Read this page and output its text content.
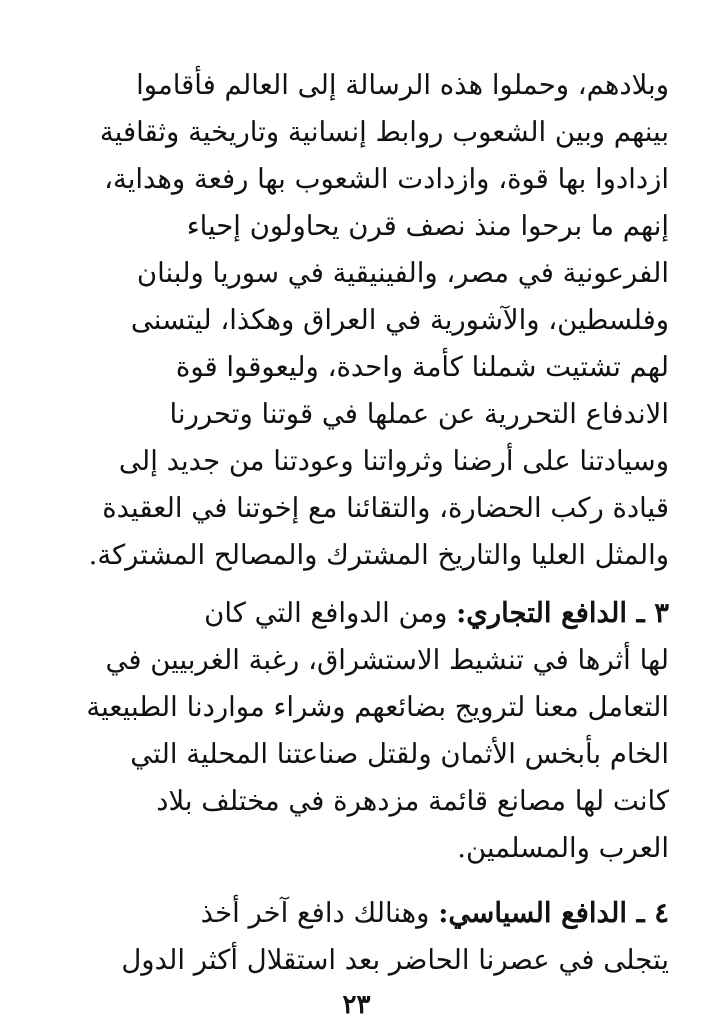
وبلادهم، وحملوا هذه الرسالة إلى العالم فأقاموا
بينهم وبين الشعوب روابط إنسانية وتاريخية وثقافية
ازدادوا بها قوة، وازدادت الشعوب بها رفعة وهداية،
إنهم ما برحوا منذ نصف قرن يحاولون إحياء
الفرعونية في مصر، والفينيقية في سوريا ولبنان
وفلسطين، والآشورية في العراق وهكذا، ليتسنى
لهم تشتيت شملنا كأمة واحدة، وليعوقوا قوة
الاندفاع التحررية عن عملها في قوتنا وتحررنا
وسيادتنا على أرضنا وثرواتنا وعودتنا من جديد إلى
قيادة ركب الحضارة، والتقائنا مع إخوتنا في العقيدة
والمثل العليا والتاريخ المشترك والمصالح المشتركة.
٣ ـ الدافع التجاري: ومن الدوافع التي كان
لها أثرها في تنشيط الاستشراق، رغبة الغربيين في
التعامل معنا لترويج بضائعهم وشراء مواردنا الطبيعية
الخام بأبخس الأثمان ولقتل صناعتنا المحلية التي
كانت لها مصانع قائمة مزدهرة في مختلف بلاد
العرب والمسلمين.
٤ ـ الدافع السياسي: وهنالك دافع آخر أخذ
يتجلى في عصرنا الحاضر بعد استقلال أكثر الدول
٢٣
